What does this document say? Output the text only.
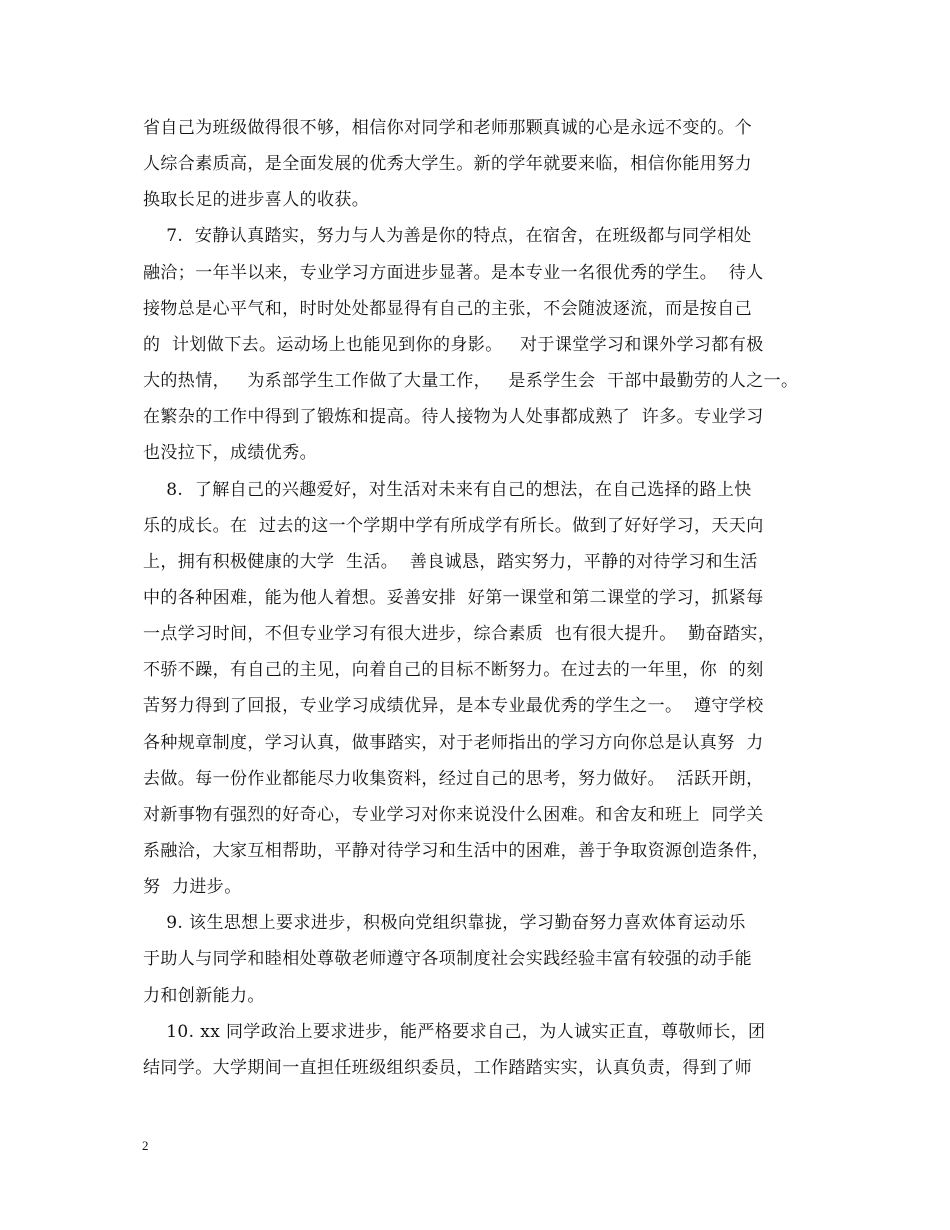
省自己为班级做得很不够，相信你对同学和老师那颗真诚的心是永远不变的。个
人综合素质高，是全面发展的优秀大学生。新的学年就要来临，相信你能用努力
换取长足的进步喜人的收获。
7.  安静认真踏实，努力与人为善是你的特点，在宿舍，在班级都与同学相处
融洽；一年半以来，专业学习方面进步显著。是本专业一名很优秀的学生。  待人
接物总是心平气和，时时处处都显得有自己的主张，不会随波逐流，而是按自己
的  计划做下去。运动场上也能见到你的身影。   对于课堂学习和课外学习都有极
大的热情，   为系部学生工作做了大量工作，   是系学生会  干部中最勤劳的人之一。
在繁杂的工作中得到了锻炼和提高。待人接物为人处事都成熟了  许多。专业学习
也没拉下，成绩优秀。
8.  了解自己的兴趣爱好，对生活对未来有自己的想法，在自己选择的路上快
乐的成长。在  过去的这一个学期中学有所成学有所长。做到了好好学习，天天向
上，拥有积极健康的大学  生活。  善良诚恳，踏实努力，平静的对待学习和生活
中的各种困难，能为他人着想。妥善安排  好第一课堂和第二课堂的学习，抓紧每
一点学习时间，不但专业学习有很大进步，综合素质  也有很大提升。  勤奋踏实，
不骄不躁，有自己的主见，向着自己的目标不断努力。在过去的一年里，你  的刻
苦努力得到了回报，专业学习成绩优异，是本专业最优秀的学生之一。  遵守学校
各种规章制度，学习认真，做事踏实，对于老师指出的学习方向你总是认真努  力
去做。每一份作业都能尽力收集资料，经过自己的思考，努力做好。  活跃开朗，
对新事物有强烈的好奇心，专业学习对你来说没什么困难。和舍友和班上  同学关
系融洽，大家互相帮助，平静对待学习和生活中的困难，善于争取资源创造条件，
努  力进步。
9. 该生思想上要求进步，积极向党组织靠拢，学习勤奋努力喜欢体育运动乐
于助人与同学和睦相处尊敬老师遵守各项制度社会实践经验丰富有较强的动手能
力和创新能力。
10. xx 同学政治上要求进步，能严格要求自己，为人诚实正直，尊敬师长，团
结同学。大学期间一直担任班级组织委员，工作踏踏实实，认真负责，得到了师
2
